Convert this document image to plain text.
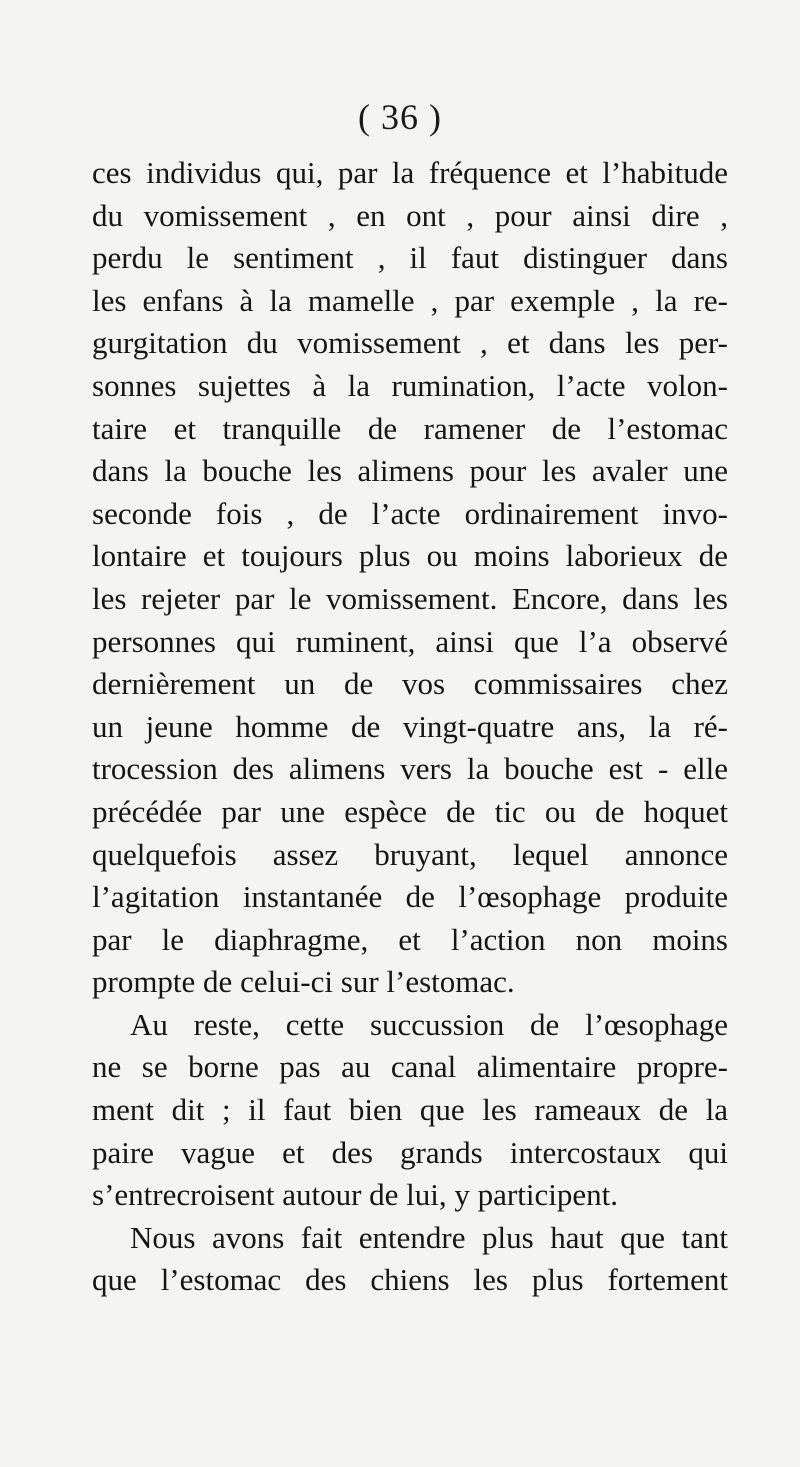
( 36 )
ces individus qui, par la fréquence et l’habitude
du vomissement , en ont , pour ainsi dire ,
perdu le sentiment , il faut distinguer dans
les enfans à la mamelle , par exemple , la re-
gurgitation du vomissement , et dans les per-
sonnes sujettes à la rumination, l’acte volon-
taire et tranquille de ramener de l’estomac
dans la bouche les alimens pour les avaler une
seconde fois , de l’acte ordinairement invo-
lontaire et toujours plus ou moins laborieux de
les rejeter par le vomissement. Encore, dans les
personnes qui ruminent, ainsi que l’a observé
dernièrement un de vos commissaires chez
un jeune homme de vingt-quatre ans, la ré-
trocession des alimens vers la bouche est - elle
précédée par une espèce de tic ou de hoquet
quelquefois assez bruyant, lequel annonce
l’agitation instantanée de l’œsophage produite
par le diaphragme, et l’action non moins
prompte de celui-ci sur l’estomac.
Au reste, cette succussion de l’œsophage
ne se borne pas au canal alimentaire propre-
ment dit ; il faut bien que les rameaux de la
paire vague et des grands intercostaux qui
s’entrecroisent autour de lui, y participent.
Nous avons fait entendre plus haut que tant
que l’estomac des chiens les plus fortement
